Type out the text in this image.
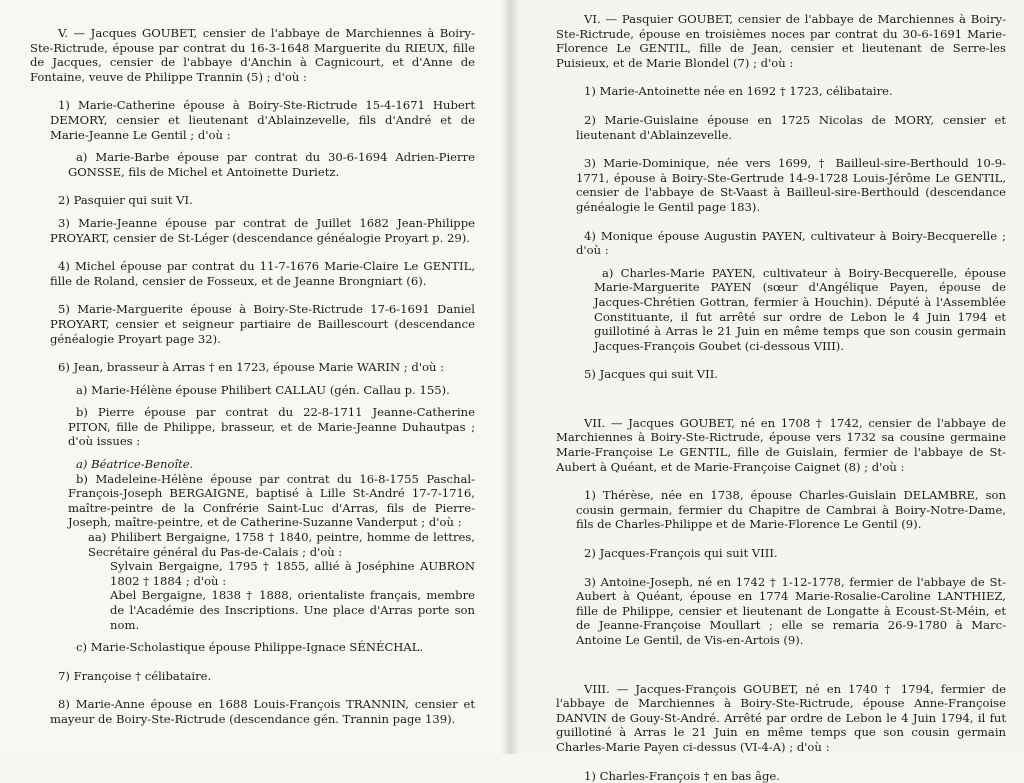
V. — Jacques GOUBET, censier de l'abbaye de Marchiennes à Boiry-Ste-Rictrude, épouse par contrat du 16-3-1648 Marguerite du RIEUX, fille de Jacques, censier de l'abbaye d'Anchin à Cagnicourt, et d'Anne de Fontaine, veuve de Philippe Trannin (5) ; d'où :

1) Marie-Catherine épouse à Boiry-Ste-Rictrude 15-4-1671 Hubert DEMORY, censier et lieutenant d'Ablainzevelle, fils d'André et de Marie-Jeanne Le Gentil ; d'où :

a) Marie-Barbe épouse par contrat du 30-6-1694 Adrien-Pierre GONSSE, fils de Michel et Antoinette Durietz.

2) Pasquier qui suit VI.

3) Marie-Jeanne épouse par contrat de Juillet 1682 Jean-Philippe PROYART, censier de St-Léger (descendance généalogie Proyart p. 29).

4) Michel épouse par contrat du 11-7-1676 Marie-Claire Le GENTIL, fille de Roland, censier de Fosseux, et de Jeanne Brongniart (6).

5) Marie-Marguerite épouse à Boiry-Ste-Rictrude 17-6-1691 Daniel PROYART, censier et seigneur partiaire de Baillescourt (descendance généalogie Proyart page 32).

6) Jean, brasseur à Arras † en 1723, épouse Marie WARIN ; d'où :

a) Marie-Hélène épouse Philibert CALLAU (gén. Callau p. 155).

b) Pierre épouse par contrat du 22-8-1711 Jeanne-Catherine PITON, fille de Philippe, brasseur, et de Marie-Jeanne Duhautpas ; d'où issues :

a) Béatrice-Benoîte.

b) Madeleine-Hélène épouse par contrat du 16-8-1755 Paschal-François-Joseph BERGAIGNE, baptisé à Lille St-André 17-7-1716, maître-peintre de la Confrérie Saint-Luc d'Arras, fils de Pierre-Joseph, maître-peintre, et de Catherine-Suzanne Vanderput ; d'où :

aa) Philibert Bergaigne, 1758 † 1840, peintre, homme de lettres, Secrétaire général du Pas-de-Calais ; d'où :

Sylvain Bergaigne, 1795 † 1855, allié à Joséphine AUBRON 1802 † 1884 ; d'où :

Abel Bergaigne, 1838 † 1888, orientaliste français, membre de l'Académie des Inscriptions. Une place d'Arras porte son nom.

c) Marie-Scholastique épouse Philippe-Ignace SÉNÉCHAL.

7) Françoise † célibataire.

8) Marie-Anne épouse en 1688 Louis-François TRANNIN, censier et mayeur de Boiry-Ste-Rictrude (descendance gén. Trannin page 139).

VI. — Pasquier GOUBET, censier de l'abbaye de Marchiennes à Boiry-Ste-Rictrude, épouse en troisièmes noces par contrat du 30-6-1691 Marie-Florence Le GENTIL, fille de Jean, censier et lieutenant de Serre-les Puisieux, et de Marie Blondel (7) ; d'où :

1) Marie-Antoinette née en 1692 † 1723, célibataire.

2) Marie-Guislaine épouse en 1725 Nicolas de MORY, censier et lieutenant d'Ablainzevelle.

3) Marie-Dominique, née vers 1699, † Bailleul-sire-Berthould 10-9-1771, épouse à Boiry-Ste-Gertrude 14-9-1728 Louis-Jérôme Le GENTIL, censier de l'abbaye de St-Vaast à Bailleul-sire-Berthould (descendance généalogie le Gentil page 183).

4) Monique épouse Augustin PAYEN, cultivateur à Boiry-Becquerelle ; d'où :

a) Charles-Marie PAYEN, cultivateur à Boiry-Becquerelle, épouse Marie-Marguerite PAYEN (sœur d'Angélique Payen, épouse de Jacques-Chrétien Gottran, fermier à Houchin). Député à l'Assemblée Constituante, il fut arrêté sur ordre de Lebon le 4 Juin 1794 et guillotiné à Arras le 21 Juin en même temps que son cousin germain Jacques-François Goubet (ci-dessous VIII).

5) Jacques qui suit VII.

VII. — Jacques GOUBET, né en 1708 † 1742, censier de l'abbaye de Marchiennes à Boiry-Ste-Rictrude, épouse vers 1732 sa cousine germaine Marie-Françoise Le GENTIL, fille de Guislain, fermier de l'abbaye de St-Aubert à Quéant, et de Marie-Françoise Caignet (8) ; d'où :

1) Thérèse, née en 1738, épouse Charles-Guislain DELAMBRE, son cousin germain, fermier du Chapitre de Cambrai à Boiry-Notre-Dame, fils de Charles-Philippe et de Marie-Florence Le Gentil (9).

2) Jacques-François qui suit VIII.

3) Antoine-Joseph, né en 1742 † 1-12-1778, fermier de l'abbaye de St-Aubert à Quéant, épouse en 1774 Marie-Rosalie-Caroline LANTHIEZ, fille de Philippe, censier et lieutenant de Longatte à Ecoust-St-Méin, et de Jeanne-Françoise Moullart ; elle se remaria 26-9-1780 à Marc-Antoine Le Gentil, de Vis-en-Artois (9).

VIII. — Jacques-François GOUBET, né en 1740 † 1794, fermier de l'abbaye de Marchiennes à Boiry-Ste-Rictrude, épouse Anne-Françoise DANVIN de Gouy-St-André. Arrêté par ordre de Lebon le 4 Juin 1794, il fut guillotiné à Arras le 21 Juin en même temps que son cousin germain Charles-Marie Payen ci-dessus (VI-4-A) ; d'où :

1) Charles-François † en bas âge.
